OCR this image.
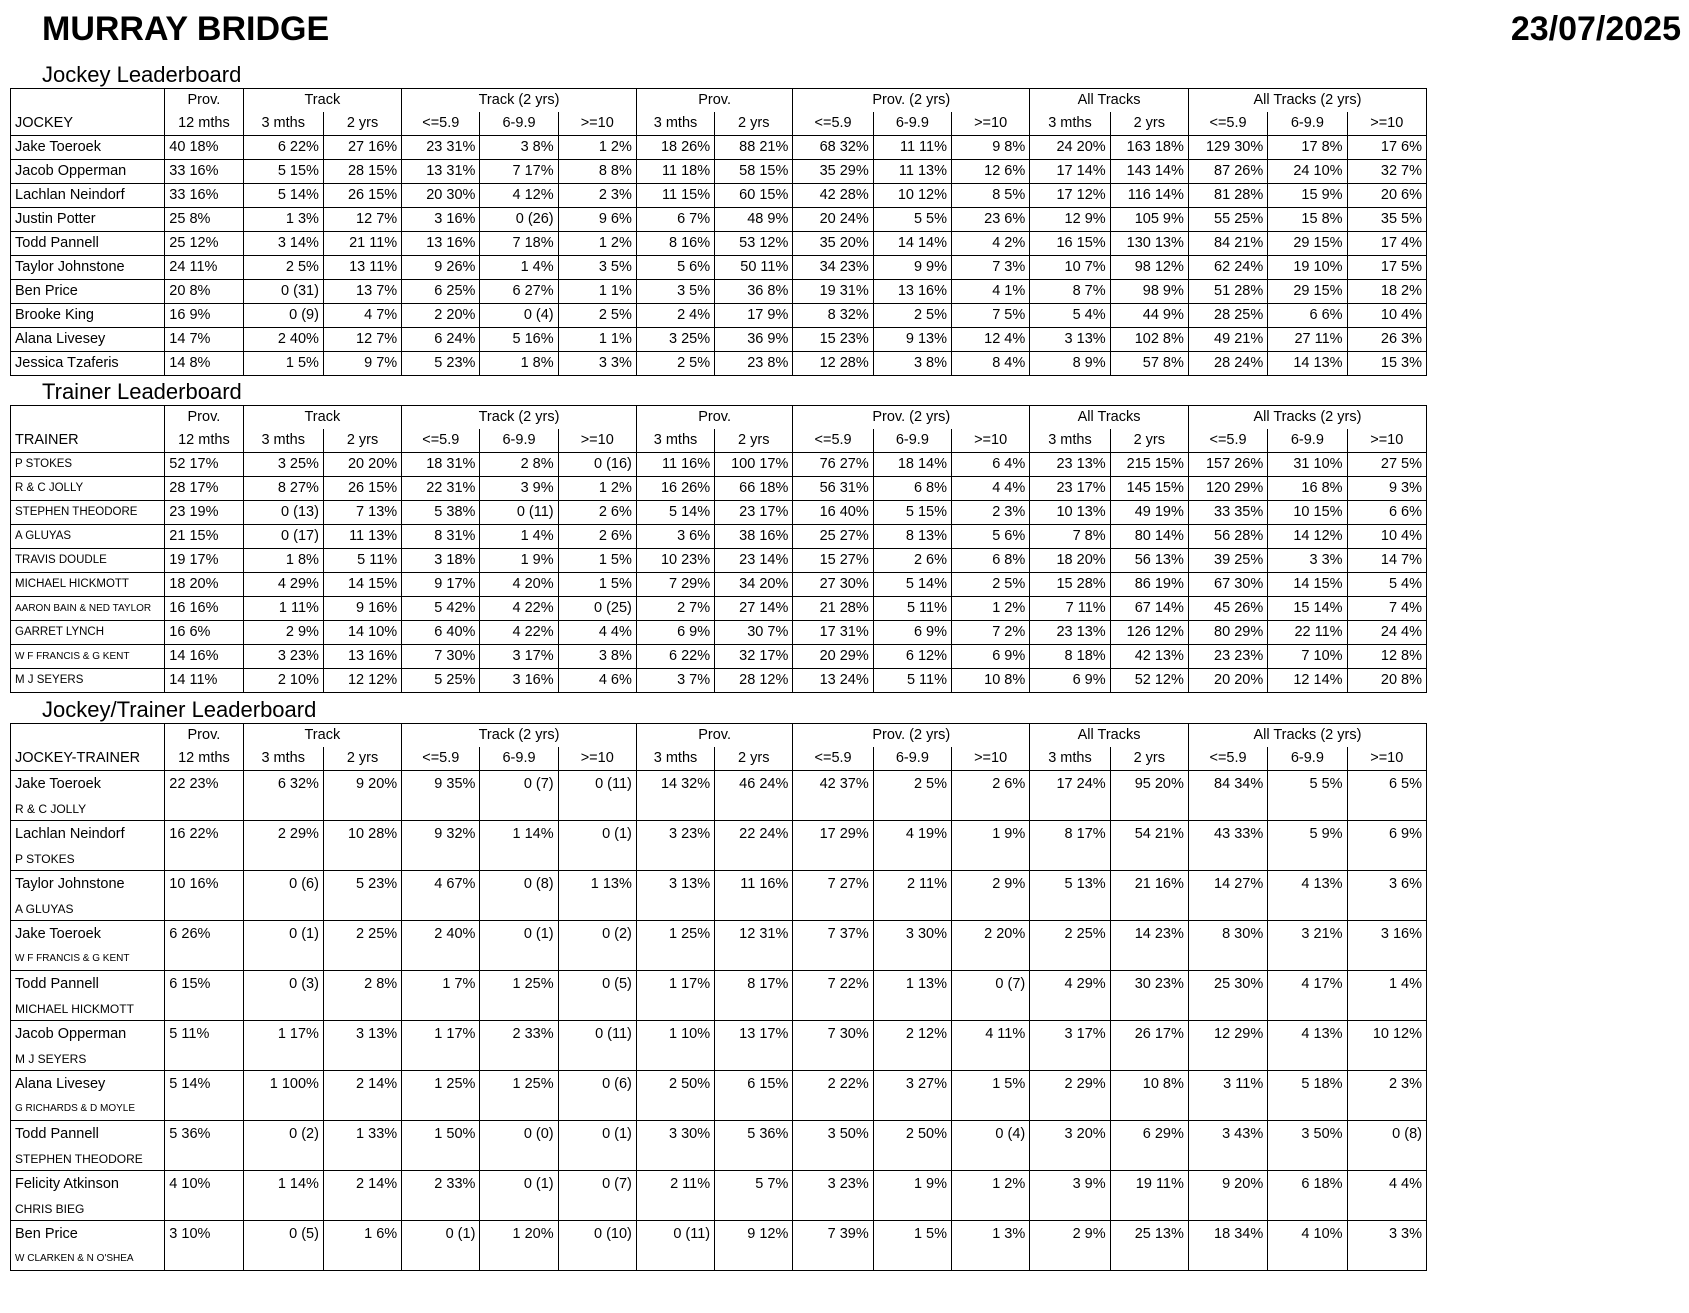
MURRAY BRIDGE	23/07/2025
Jockey Leaderboard
	Prov.	Track		Track (2 yrs)			Prov.		Prov. (2 yrs)			All Tracks		All Tracks (2 yrs)		
JOCKEY	12 mths	3 mths	2 yrs	<=5.9	6-9.9	>=10	3 mths	2 yrs	<=5.9	6-9.9	>=10	3 mths	2 yrs	<=5.9	6-9.9	>=10
Jake Toeroek	40 18%	6 22%	27 16%	23 31%	3 8%	1 2%	18 26%	88 21%	68 32%	11 11%	9 8%	24 20%	163 18%	129 30%	17 8%	17 6%
Jacob Opperman	33 16%	5 15%	28 15%	13 31%	7 17%	8 8%	11 18%	58 15%	35 29%	11 13%	12 6%	17 14%	143 14%	87 26%	24 10%	32 7%
Lachlan Neindorf	33 16%	5 14%	26 15%	20 30%	4 12%	2 3%	11 15%	60 15%	42 28%	10 12%	8 5%	17 12%	116 14%	81 28%	15 9%	20 6%
Justin Potter	25 8%	1 3%	12 7%	3 16%	0 (26)	9 6%	6 7%	48 9%	20 24%	5 5%	23 6%	12 9%	105 9%	55 25%	15 8%	35 5%
Todd Pannell	25 12%	3 14%	21 11%	13 16%	7 18%	1 2%	8 16%	53 12%	35 20%	14 14%	4 2%	16 15%	130 13%	84 21%	29 15%	17 4%
Taylor Johnstone	24 11%	2 5%	13 11%	9 26%	1 4%	3 5%	5 6%	50 11%	34 23%	9 9%	7 3%	10 7%	98 12%	62 24%	19 10%	17 5%
Ben Price	20 8%	0 (31)	13 7%	6 25%	6 27%	1 1%	3 5%	36 8%	19 31%	13 16%	4 1%	8 7%	98 9%	51 28%	29 15%	18 2%
Brooke King	16 9%	0 (9)	4 7%	2 20%	0 (4)	2 5%	2 4%	17 9%	8 32%	2 5%	7 5%	5 4%	44 9%	28 25%	6 6%	10 4%
Alana Livesey	14 7%	2 40%	12 7%	6 24%	5 16%	1 1%	3 25%	36 9%	15 23%	9 13%	12 4%	3 13%	102 8%	49 21%	27 11%	26 3%
Jessica Tzaferis	14 8%	1 5%	9 7%	5 23%	1 8%	3 3%	2 5%	23 8%	12 28%	3 8%	8 4%	8 9%	57 8%	28 24%	14 13%	15 3%
Trainer Leaderboard
	Prov.	Track		Track (2 yrs)			Prov.		Prov. (2 yrs)			All Tracks		All Tracks (2 yrs)		
TRAINER	12 mths	3 mths	2 yrs	<=5.9	6-9.9	>=10	3 mths	2 yrs	<=5.9	6-9.9	>=10	3 mths	2 yrs	<=5.9	6-9.9	>=10
P STOKES	52 17%	3 25%	20 20%	18 31%	2 8%	0 (16)	11 16%	100 17%	76 27%	18 14%	6 4%	23 13%	215 15%	157 26%	31 10%	27 5%
R & C JOLLY	28 17%	8 27%	26 15%	22 31%	3 9%	1 2%	16 26%	66 18%	56 31%	6 8%	4 4%	23 17%	145 15%	120 29%	16 8%	9 3%
STEPHEN THEODORE	23 19%	0 (13)	7 13%	5 38%	0 (11)	2 6%	5 14%	23 17%	16 40%	5 15%	2 3%	10 13%	49 19%	33 35%	10 15%	6 6%
A GLUYAS	21 15%	0 (17)	11 13%	8 31%	1 4%	2 6%	3 6%	38 16%	25 27%	8 13%	5 6%	7 8%	80 14%	56 28%	14 12%	10 4%
TRAVIS DOUDLE	19 17%	1 8%	5 11%	3 18%	1 9%	1 5%	10 23%	23 14%	15 27%	2 6%	6 8%	18 20%	56 13%	39 25%	3 3%	14 7%
MICHAEL HICKMOTT	18 20%	4 29%	14 15%	9 17%	4 20%	1 5%	7 29%	34 20%	27 30%	5 14%	2 5%	15 28%	86 19%	67 30%	14 15%	5 4%
AARON BAIN & NED TAYLOR	16 16%	1 11%	9 16%	5 42%	4 22%	0 (25)	2 7%	27 14%	21 28%	5 11%	1 2%	7 11%	67 14%	45 26%	15 14%	7 4%
GARRET LYNCH	16 6%	2 9%	14 10%	6 40%	4 22%	4 4%	6 9%	30 7%	17 31%	6 9%	7 2%	23 13%	126 12%	80 29%	22 11%	24 4%
W F FRANCIS & G KENT	14 16%	3 23%	13 16%	7 30%	3 17%	3 8%	6 22%	32 17%	20 29%	6 12%	6 9%	8 18%	42 13%	23 23%	7 10%	12 8%
M J SEYERS	14 11%	2 10%	12 12%	5 25%	3 16%	4 6%	3 7%	28 12%	13 24%	5 11%	10 8%	6 9%	52 12%	20 20%	12 14%	20 8%
Jockey/Trainer Leaderboard
	Prov.	Track		Track (2 yrs)			Prov.		Prov. (2 yrs)			All Tracks		All Tracks (2 yrs)		
JOCKEY-TRAINER	12 mths	3 mths	2 yrs	<=5.9	6-9.9	>=10	3 mths	2 yrs	<=5.9	6-9.9	>=10	3 mths	2 yrs	<=5.9	6-9.9	>=10
Jake Toeroek	22 23%	6 32%	9 20%	9 35%	0 (7)	0 (11)	14 32%	46 24%	42 37%	2 5%	2 6%	17 24%	95 20%	84 34%	5 5%	6 5%
R & C JOLLY																
Lachlan Neindorf	16 22%	2 29%	10 28%	9 32%	1 14%	0 (1)	3 23%	22 24%	17 29%	4 19%	1 9%	8 17%	54 21%	43 33%	5 9%	6 9%
P STOKES																
Taylor Johnstone	10 16%	0 (6)	5 23%	4 67%	0 (8)	1 13%	3 13%	11 16%	7 27%	2 11%	2 9%	5 13%	21 16%	14 27%	4 13%	3 6%
A GLUYAS																
Jake Toeroek	6 26%	0 (1)	2 25%	2 40%	0 (1)	0 (2)	1 25%	12 31%	7 37%	3 30%	2 20%	2 25%	14 23%	8 30%	3 21%	3 16%
W F FRANCIS & G KENT																
Todd Pannell	6 15%	0 (3)	2 8%	1 7%	1 25%	0 (5)	1 17%	8 17%	7 22%	1 13%	0 (7)	4 29%	30 23%	25 30%	4 17%	1 4%
MICHAEL HICKMOTT																
Jacob Opperman	5 11%	1 17%	3 13%	1 17%	2 33%	0 (11)	1 10%	13 17%	7 30%	2 12%	4 11%	3 17%	26 17%	12 29%	4 13%	10 12%
M J SEYERS																
Alana Livesey	5 14%	1 100%	2 14%	1 25%	1 25%	0 (6)	2 50%	6 15%	2 22%	3 27%	1 5%	2 29%	10 8%	3 11%	5 18%	2 3%
G RICHARDS & D MOYLE																
Todd Pannell	5 36%	0 (2)	1 33%	1 50%	0 (0)	0 (1)	3 30%	5 36%	3 50%	2 50%	0 (4)	3 20%	6 29%	3 43%	3 50%	0 (8)
STEPHEN THEODORE																
Felicity Atkinson	4 10%	1 14%	2 14%	2 33%	0 (1)	0 (7)	2 11%	5 7%	3 23%	1 9%	1 2%	3 9%	19 11%	9 20%	6 18%	4 4%
CHRIS BIEG																
Ben Price	3 10%	0 (5)	1 6%	0 (1)	1 20%	0 (10)	0 (11)	9 12%	7 39%	1 5%	1 3%	2 9%	25 13%	18 34%	4 10%	3 3%
W CLARKEN & N O'SHEA																
